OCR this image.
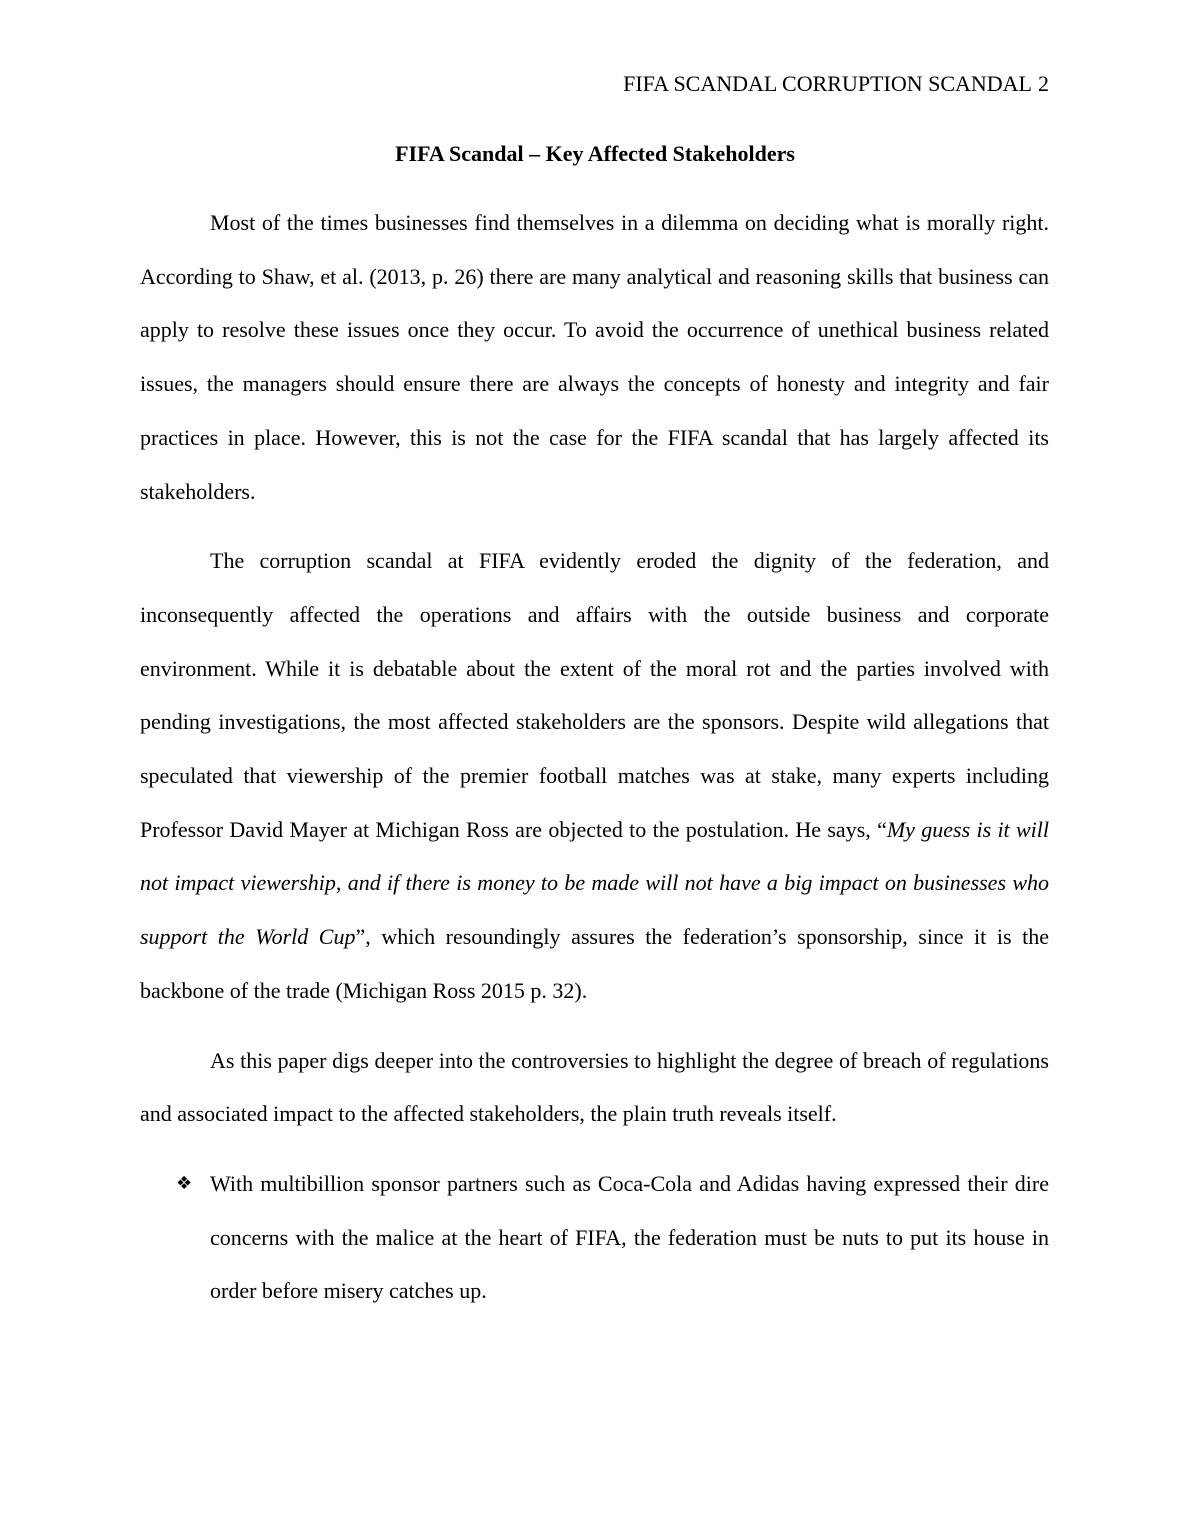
FIFA SCANDAL CORRUPTION SCANDAL 2
FIFA Scandal – Key Affected Stakeholders

Most of the times businesses find themselves in a dilemma on deciding what is morally right. According to Shaw, et al. (2013, p. 26) there are many analytical and reasoning skills that business can apply to resolve these issues once they occur. To avoid the occurrence of unethical business related issues, the managers should ensure there are always the concepts of honesty and integrity and fair practices in place. However, this is not the case for the FIFA scandal that has largely affected its stakeholders.

The corruption scandal at FIFA evidently eroded the dignity of the federation, and inconsequently affected the operations and affairs with the outside business and corporate environment. While it is debatable about the extent of the moral rot and the parties involved with pending investigations, the most affected stakeholders are the sponsors. Despite wild allegations that speculated that viewership of the premier football matches was at stake, many experts including Professor David Mayer at Michigan Ross are objected to the postulation. He says, “My guess is it will not impact viewership, and if there is money to be made will not have a big impact on businesses who support the World Cup”, which resoundingly assures the federation’s sponsorship, since it is the backbone of the trade (Michigan Ross 2015 p. 32).

As this paper digs deeper into the controversies to highlight the degree of breach of regulations and associated impact to the affected stakeholders, the plain truth reveals itself.

❖ With multibillion sponsor partners such as Coca-Cola and Adidas having expressed their dire concerns with the malice at the heart of FIFA, the federation must be nuts to put its house in order before misery catches up.
